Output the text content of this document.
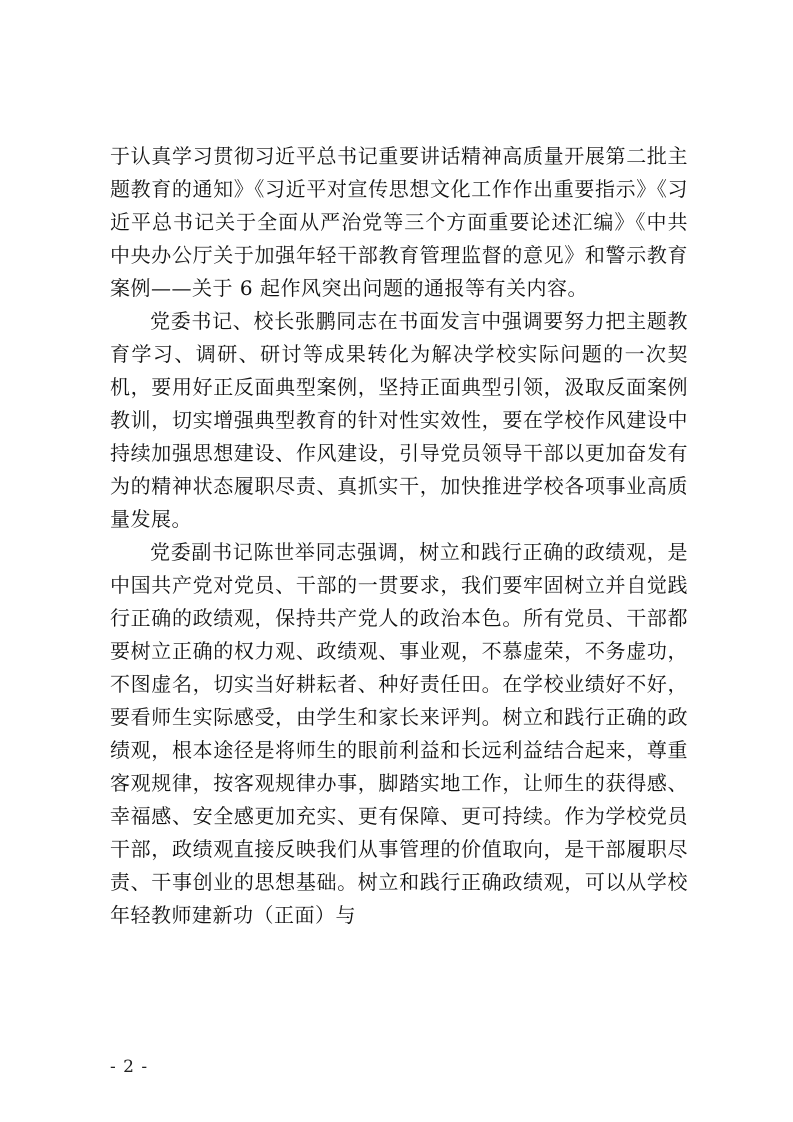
于认真学习贯彻习近平总书记重要讲话精神高质量开展第二批主题教育的通知》《习近平对宣传思想文化工作作出重要指示》《习近平总书记关于全面从严治党等三个方面重要论述汇编》《中共中央办公厅关于加强年轻干部教育管理监督的意见》和警示教育案例——关于 6 起作风突出问题的通报等有关内容。

党委书记、校长张鹏同志在书面发言中强调要努力把主题教育学习、调研、研讨等成果转化为解决学校实际问题的一次契机，要用好正反面典型案例，坚持正面典型引领，汲取反面案例教训，切实增强典型教育的针对性实效性，要在学校作风建设中持续加强思想建设、作风建设，引导党员领导干部以更加奋发有为的精神状态履职尽责、真抓实干，加快推进学校各项事业高质量发展。

党委副书记陈世举同志强调，树立和践行正确的政绩观，是中国共产党对党员、干部的一贯要求，我们要牢固树立并自觉践行正确的政绩观，保持共产党人的政治本色。所有党员、干部都要树立正确的权力观、政绩观、事业观，不慕虚荣，不务虚功，不图虚名，切实当好耕耘者、种好责任田。在学校业绩好不好，要看师生实际感受，由学生和家长来评判。树立和践行正确的政绩观，根本途径是将师生的眼前利益和长远利益结合起来，尊重客观规律，按客观规律办事，脚踏实地工作，让师生的获得感、幸福感、安全感更加充实、更有保障、更可持续。作为学校党员干部，政绩观直接反映我们从事管理的价值取向，是干部履职尽责、干事创业的思想基础。树立和践行正确政绩观，可以从学校年轻教师建新功（正面）与

- 2 -
